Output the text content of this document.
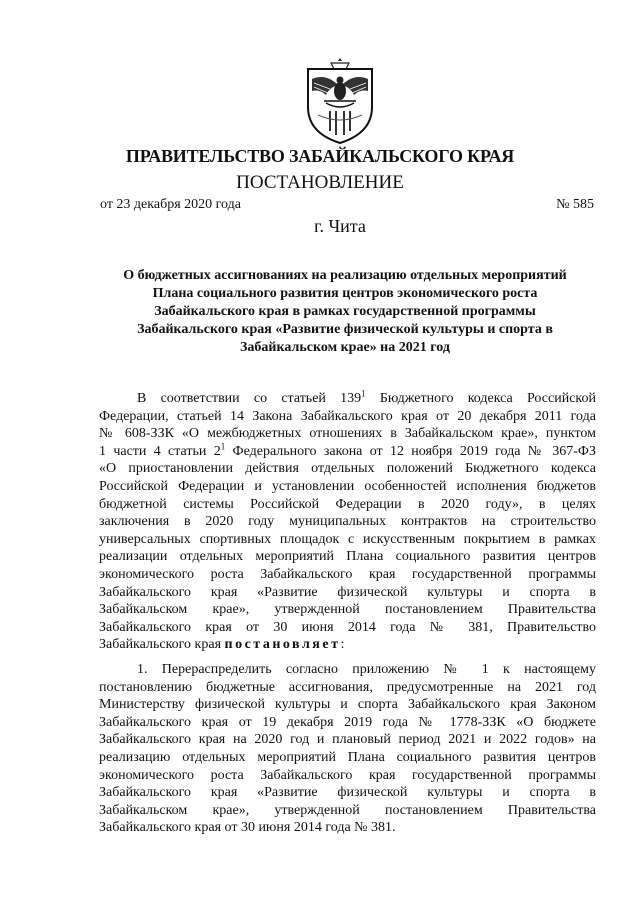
ПРАВИТЕЛЬСТВО ЗАБАЙКАЛЬСКОГО КРАЯ
ПОСТАНОВЛЕНИЕ
от 23 декабря 2020 года	№ 585
г. Чита
О бюджетных ассигнованиях на реализацию отдельных мероприятий
Плана социального развития центров экономического роста
Забайкальского края в рамках государственной программы
Забайкальского края «Развитие физической культуры и спорта в
Забайкальском крае» на 2021 год
В соответствии со статьей $139^1$ Бюджетного кодекса Российской
Федерации, статьей 14 Закона Забайкальского края от 20 декабря 2011 года
№ 608-ЗЗК «О межбюджетных отношениях в Забайкальском крае», пунктом
1 части 4 статьи $2^1$ Федерального закона от 12 ноября 2019 года № 367-ФЗ
«О приостановлении действия отдельных положений Бюджетного кодекса
Российской Федерации и установлении особенностей исполнения бюджетов
бюджетной системы Российской Федерации в 2020 году», в целях
заключения в 2020 году муниципальных контрактов на строительство
универсальных спортивных площадок с искусственным покрытием в рамках
реализации отдельных мероприятий Плана социального развития центров
экономического роста Забайкальского края государственной программы
Забайкальского края «Развитие физической культуры и спорта в
Забайкальском крае», утвержденной постановлением Правительства
Забайкальского края от 30 июня 2014 года № 381, Правительство
Забайкальского края постановляет:
1. Перераспределить согласно приложению № 1 к настоящему
постановлению бюджетные ассигнования, предусмотренные на 2021 год
Министерству физической культуры и спорта Забайкальского края Законом
Забайкальского края от 19 декабря 2019 года № 1778-ЗЗК «О бюджете
Забайкальского края на 2020 год и плановый период 2021 и 2022 годов» на
реализацию отдельных мероприятий Плана социального развития центров
экономического роста Забайкальского края государственной программы
Забайкальского края «Развитие физической культуры и спорта в
Забайкальском крае», утвержденной постановлением Правительства
Забайкальского края от 30 июня 2014 года № 381.
